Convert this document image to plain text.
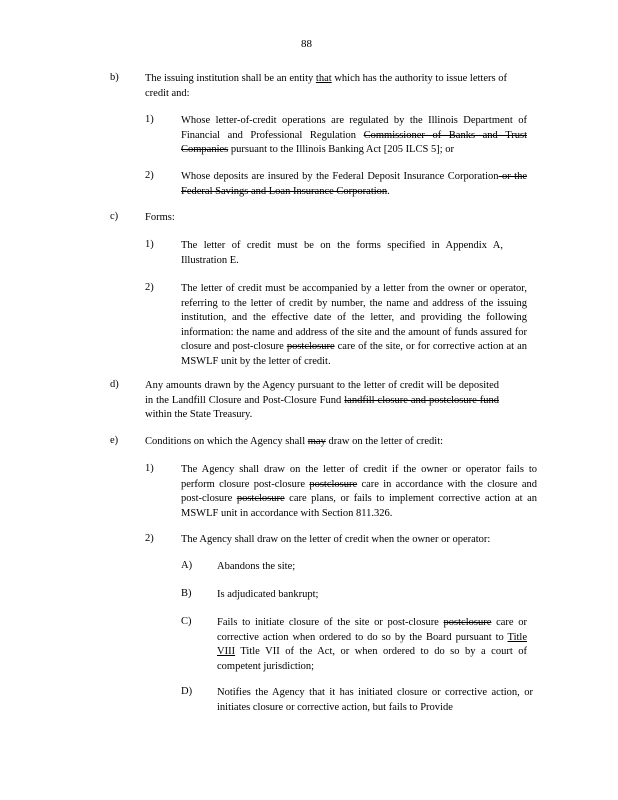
88
b)	The issuing institution shall be an entity that which has the authority to issue letters of credit and:
1)	Whose letter-of-credit operations are regulated by the Illinois Department of Financial and Professional Regulation Commissioner of Banks and Trust Companies pursuant to the Illinois Banking Act [205 ILCS 5]; or
2)	Whose deposits are insured by the Federal Deposit Insurance Corporation or the Federal Savings and Loan Insurance Corporation.
c)	Forms:
1)	The letter of credit must be on the forms specified in Appendix A, Illustration E.
2)	The letter of credit must be accompanied by a letter from the owner or operator, referring to the letter of credit by number, the name and address of the issuing institution, and the effective date of the letter, and providing the following information: the name and address of the site and the amount of funds assured for closure and post-closure postclosure care of the site, or for corrective action at an MSWLF unit by the letter of credit.
d)	Any amounts drawn by the Agency pursuant to the letter of credit will be deposited in the Landfill Closure and Post-Closure Fund landfill closure and postclosure fund within the State Treasury.
e)	Conditions on which the Agency shall may draw on the letter of credit:
1)	The Agency shall draw on the letter of credit if the owner or operator fails to perform closure post-closure postclosure care in accordance with the closure and post-closure postclosure care plans, or fails to implement corrective action at an MSWLF unit in accordance with Section 811.326.
2)	The Agency shall draw on the letter of credit when the owner or operator:
A) Abandons the site;
B) Is adjudicated bankrupt;
C) Fails to initiate closure of the site or post-closure postclosure care or corrective action when ordered to do so by the Board pursuant to Title VIII Title VII of the Act, or when ordered to do so by a court of competent jurisdiction;
D) Notifies the Agency that it has initiated closure or corrective action, or initiates closure or corrective action, but fails to Provide
